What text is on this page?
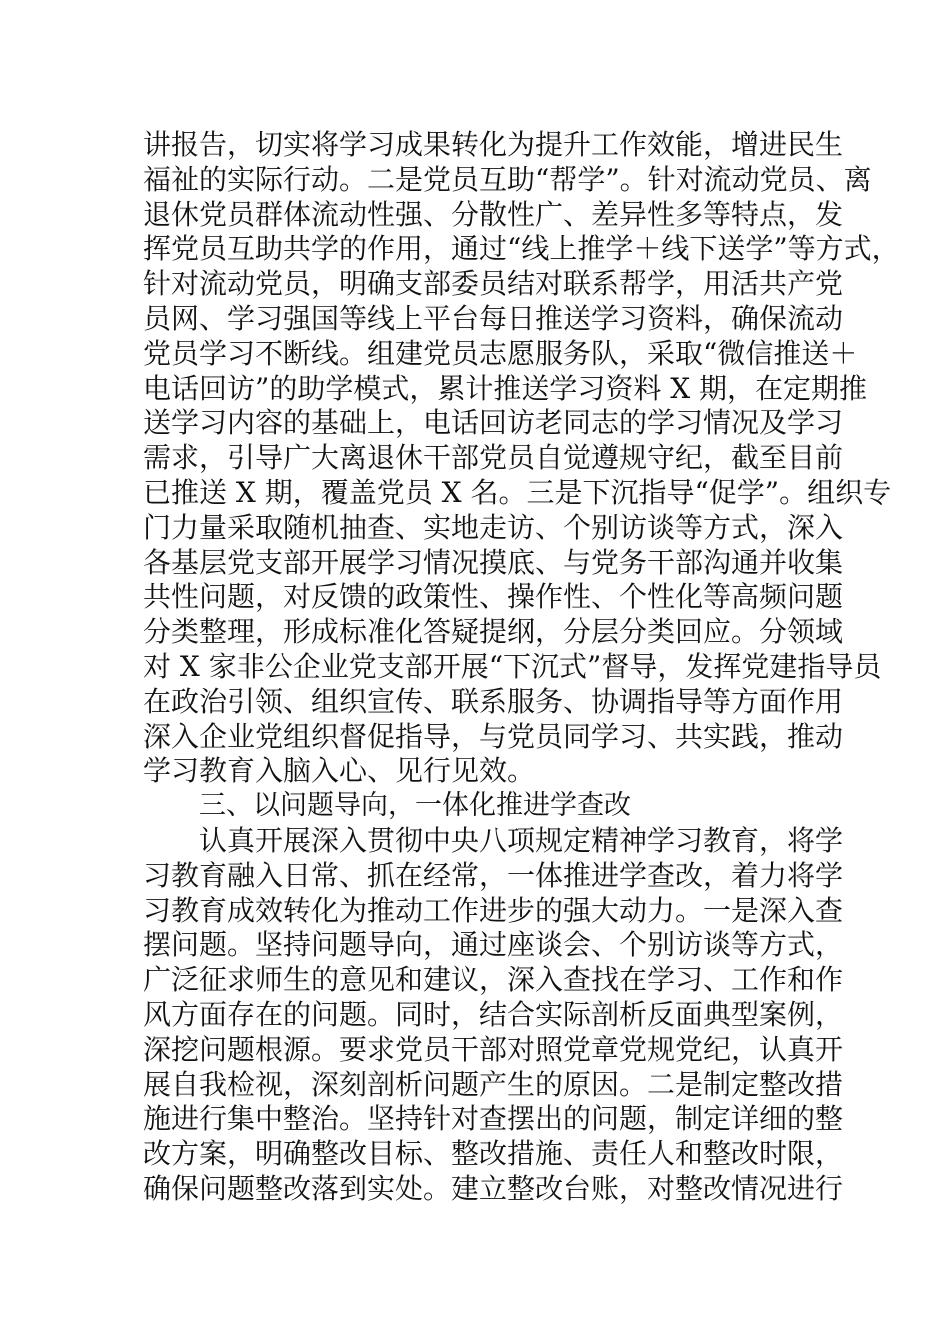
讲报告，切实将学习成果转化为提升工作效能，增进民生
福祉的实际行动。二是党员互助“帮学”。针对流动党员、离
退休党员群体流动性强、分散性广、差异性多等特点，发
挥党员互助共学的作用，通过“线上推学＋线下送学”等方式，
针对流动党员，明确支部委员结对联系帮学，用活共产党
员网、学习强国等线上平台每日推送学习资料，确保流动
党员学习不断线。组建党员志愿服务队，采取“微信推送＋
电话回访”的助学模式，累计推送学习资料 X 期，在定期推
送学习内容的基础上，电话回访老同志的学习情况及学习
需求，引导广大离退休干部党员自觉遵规守纪，截至目前
已推送 X 期，覆盖党员 X 名。三是下沉指导“促学”。组织专
门力量采取随机抽查、实地走访、个别访谈等方式，深入
各基层党支部开展学习情况摸底、与党务干部沟通并收集
共性问题，对反馈的政策性、操作性、个性化等高频问题
分类整理，形成标准化答疑提纲，分层分类回应。分领域
对 X 家非公企业党支部开展“下沉式”督导，发挥党建指导员
在政治引领、组织宣传、联系服务、协调指导等方面作用
深入企业党组织督促指导，与党员同学习、共实践，推动
学习教育入脑入心、见行见效。
三、以问题导向，一体化推进学查改
认真开展深入贯彻中央八项规定精神学习教育，将学
习教育融入日常、抓在经常，一体推进学查改，着力将学
习教育成效转化为推动工作进步的强大动力。一是深入查
摆问题。坚持问题导向，通过座谈会、个别访谈等方式，
广泛征求师生的意见和建议，深入查找在学习、工作和作
风方面存在的问题。同时，结合实际剖析反面典型案例，
深挖问题根源。要求党员干部对照党章党规党纪，认真开
展自我检视，深刻剖析问题产生的原因。二是制定整改措
施进行集中整治。坚持针对查摆出的问题，制定详细的整
改方案，明确整改目标、整改措施、责任人和整改时限，
确保问题整改落到实处。建立整改台账，对整改情况进行
